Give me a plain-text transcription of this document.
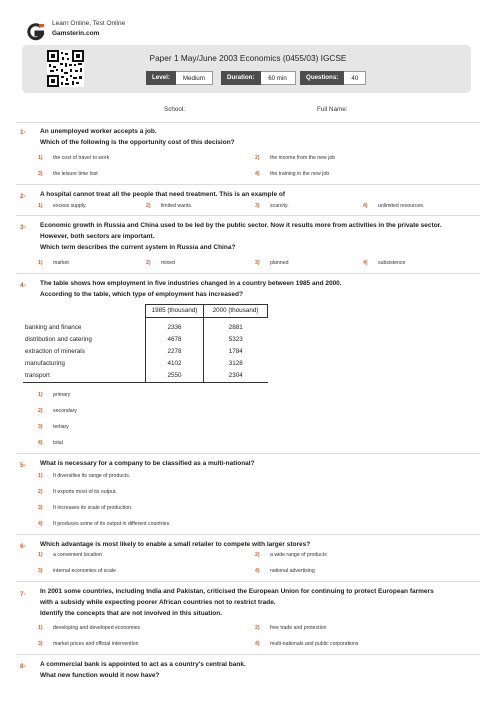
Learn Online, Test Online
Gamsterin.com
Paper 1 May/June 2003 Economics (0455/03) IGCSE
Level:	Medium	Duration:	60 min	Questions:	40
School:	Full Name:
1- An unemployed worker accepts a job.
Which of the following is the opportunity cost of this decision?
1) the cost of travel to work	2) the income from the new job
3) the leisure time lost	4) the training in the new job
2- A hospital cannot treat all the people that need treatment. This is an example of
1) excess supply.	2) limited wants.	3) scarcity.	4) unlimited resources.
3- Economic growth in Russia and China used to be led by the public sector. Now it results more from activities in the private sector.
However, both sectors are important.
Which term describes the current system in Russia and China?
1) market	2) mixed	3) planned	4) subsistence
4- The table shows how employment in five industries changed in a country between 1985 and 2000.
According to the table, which type of employment has increased?
	1985 (thousand)	2000 (thousand)
banking and finance	2336	2881
distribution and catering	4678	5323
extraction of minerals	2278	1784
manufacturing	4102	3128
transport	2550	2304
1) primary
2) secondary
3) tertiary
4) total
5- What is necessary for a company to be classified as a multi-national?
1) It diversifies its range of products.
2) It exports most of its output.
3) It increases its scale of production.
4) It produces some of its output in different countries.
6- Which advantage is most likely to enable a small retailer to compete with larger stores?
1) a convenient location	2) a wide range of products
3) internal economies of scale	4) national advertising
7- In 2001 some countries, including India and Pakistan, criticised the European Union for continuing to protect European farmers
with a subsidy while expecting poorer African countries not to restrict trade.
Identify the concepts that are not involved in this situation.
1) developing and developed economies	2) free trade and protection
3) market prices and official intervention	4) multi-nationals and public corporations
8- A commercial bank is appointed to act as a country's central bank.
What new function would it now have?
